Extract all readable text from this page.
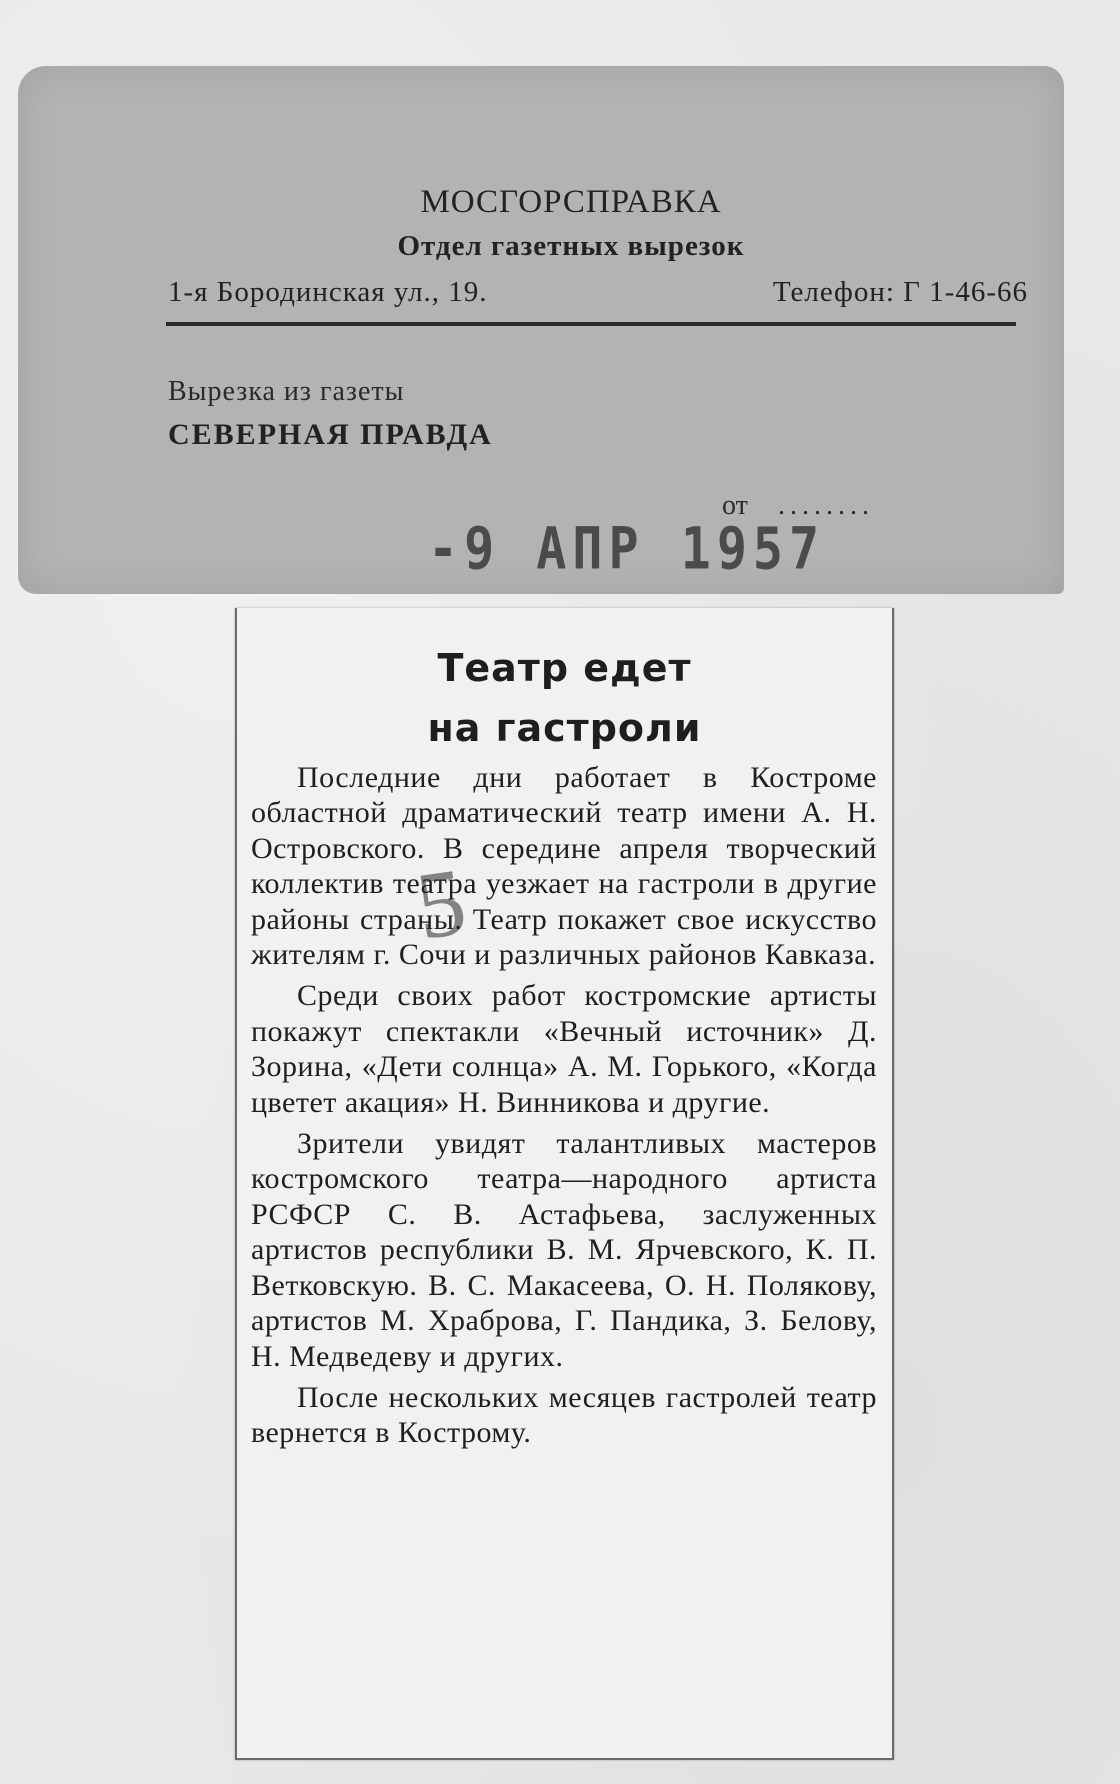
МОСГОРСПРАВКА
Отдел газетных вырезок
1-я Бородинская ул., 19.	Телефон: Г 1-46-66
Вырезка из газеты
СЕВЕРНАЯ ПРАВДА
от ........
-9 АПР 1957
Театр едет
на гастроли

Последние дни работает в Костроме областной драматический театр имени А. Н. Островского. В середине апреля творческий коллектив театра уезжает на гастроли в другие районы страны. Театр покажет свое искусство жителям г. Сочи и различных районов Кавказа.

Среди своих работ костромские артисты покажут спектакли «Вечный источник» Д. Зорина, «Дети солнца» А. М. Горького, «Когда цветет акация» Н. Винникова и другие.

Зрители увидят талантливых мастеров костромского театра—народного артиста РСФСР С. В. Астафьева, заслуженных артистов республики В. М. Ярчевского, К. П. Ветковскую. В. С. Макасеева, О. Н. Полякову, артистов М. Храброва, Г. Пандика, З. Белову, Н. Медведеву и других.

После нескольких месяцев гастролей театр вернется в Кострому.

5
